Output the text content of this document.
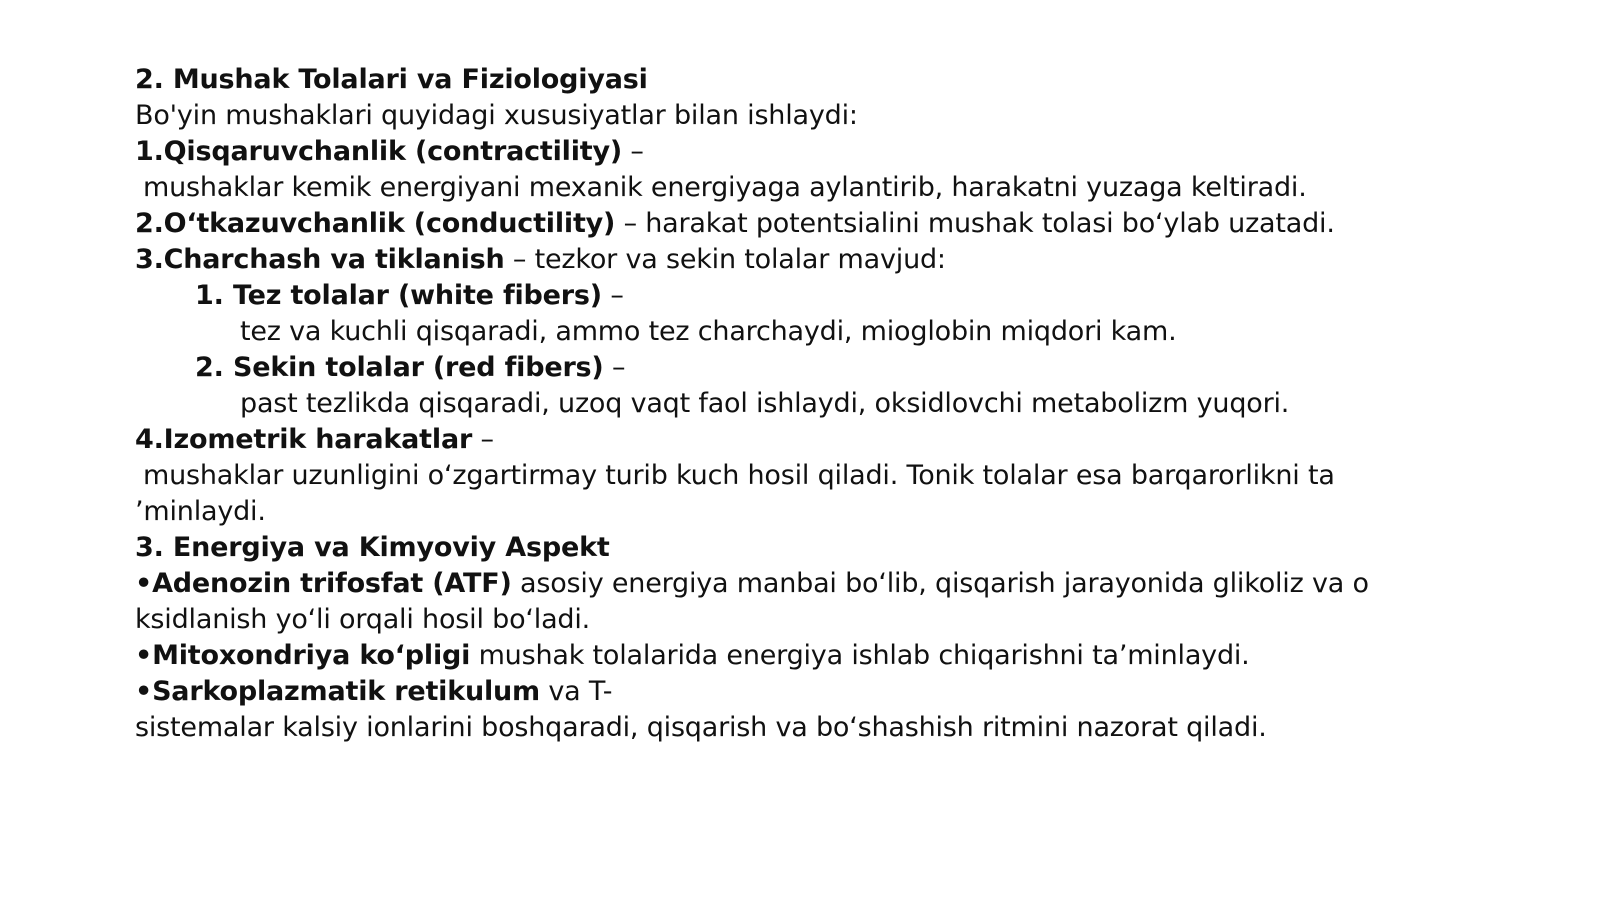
2. Mushak Tolalari va Fiziologiyasi

Bo'yin mushaklari quyidagi xususiyatlar bilan ishlaydi:

1.Qisqaruvchanlik (contractility) –

mushaklar kemik energiyani mexanik energiyaga aylantirib, harakatni yuzaga keltiradi.

2.O‘tkazuvchanlik (conductility) – harakat potentsialini mushak tolasi bo‘ylab uzatadi.

3.Charchash va tiklanish – tezkor va sekin tolalar mavjud:

1. Tez tolalar (white fibers) –

tez va kuchli qisqaradi, ammo tez charchaydi, mioglobin miqdori kam.

2. Sekin tolalar (red fibers) –

past tezlikda qisqaradi, uzoq vaqt faol ishlaydi, oksidlovchi metabolizm yuqori.

4.Izometrik harakatlar –

mushaklar uzunligini o‘zgartirmay turib kuch hosil qiladi. Tonik tolalar esa barqarorlikni ta

’minlaydi.

3. Energiya va Kimyoviy Aspekt

•Adenozin trifosfat (ATF) asosiy energiya manbai bo‘lib, qisqarish jarayonida glikoliz va o

ksidlanish yo‘li orqali hosil bo‘ladi.

•Mitoxondriya ko‘pligi mushak tolalarida energiya ishlab chiqarishni ta’minlaydi.

•Sarkoplazmatik retikulum va T-

sistemalar kalsiy ionlarini boshqaradi, qisqarish va bo‘shashish ritmini nazorat qiladi.
